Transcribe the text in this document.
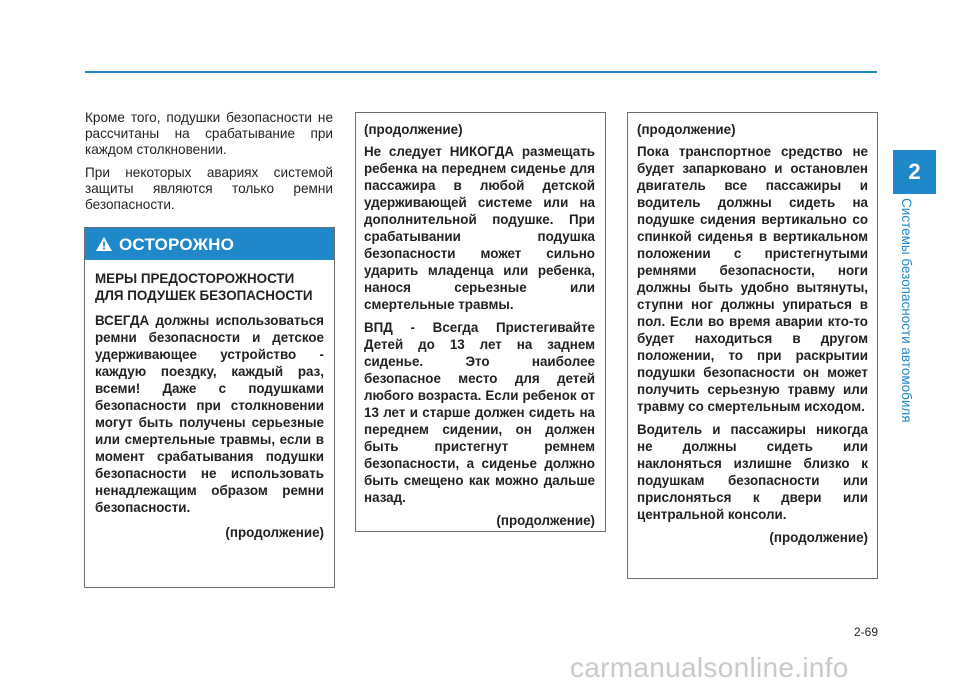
Кроме того, подушки безопасности не рассчитаны на срабатывание при каждом столкновении.

При некоторых авариях системой защиты являются только ремни безопасности.

ОСТОРОЖНО

МЕРЫ ПРЕДОСТОРОЖНОСТИ ДЛЯ ПОДУШЕК БЕЗОПАСНОСТИ

ВСЕГДА должны использоваться ремни безопасности и детское удерживающее устройство - каждую поездку, каждый раз, всеми! Даже с подушками безопасности при столкновении могут быть получены серьезные или смертельные травмы, если в момент срабатывания подушки безопасности не использовать ненадлежащим образом ремни безопасности.

(продолжение)

(продолжение)

Не следует НИКОГДА размещать ребенка на переднем сиденье для пассажира в любой детской удерживающей системе или на дополнительной подушке. При срабатывании подушка безопасности может сильно ударить младенца или ребенка, нанося серьезные или смертельные травмы.

ВПД - Всегда Пристегивайте Детей до 13 лет на заднем сиденье. Это наиболее безопасное место для детей любого возраста. Если ребенок от 13 лет и старше должен сидеть на переднем сидении, он должен быть пристегнут ремнем безопасности, а сиденье должно быть смещено как можно дальше назад.

(продолжение)

(продолжение)

Пока транспортное средство не будет запарковано и остановлен двигатель все пассажиры и водитель должны сидеть на подушке сидения вертикально со спинкой сиденья в вертикальном положении с пристегнутыми ремнями безопасности, ноги должны быть удобно вытянуты, ступни ног должны упираться в пол. Если во время аварии кто-то будет находиться в другом положении, то при раскрытии подушки безопасности он может получить серьезную травму или травму со смертельным исходом.

Водитель и пассажиры никогда не должны сидеть или наклоняться излишне близко к подушкам безопасности или прислоняться к двери или центральной консоли.

(продолжение)

2
Системы безопасности автомобиля
2-69
carmanualsonline.info
